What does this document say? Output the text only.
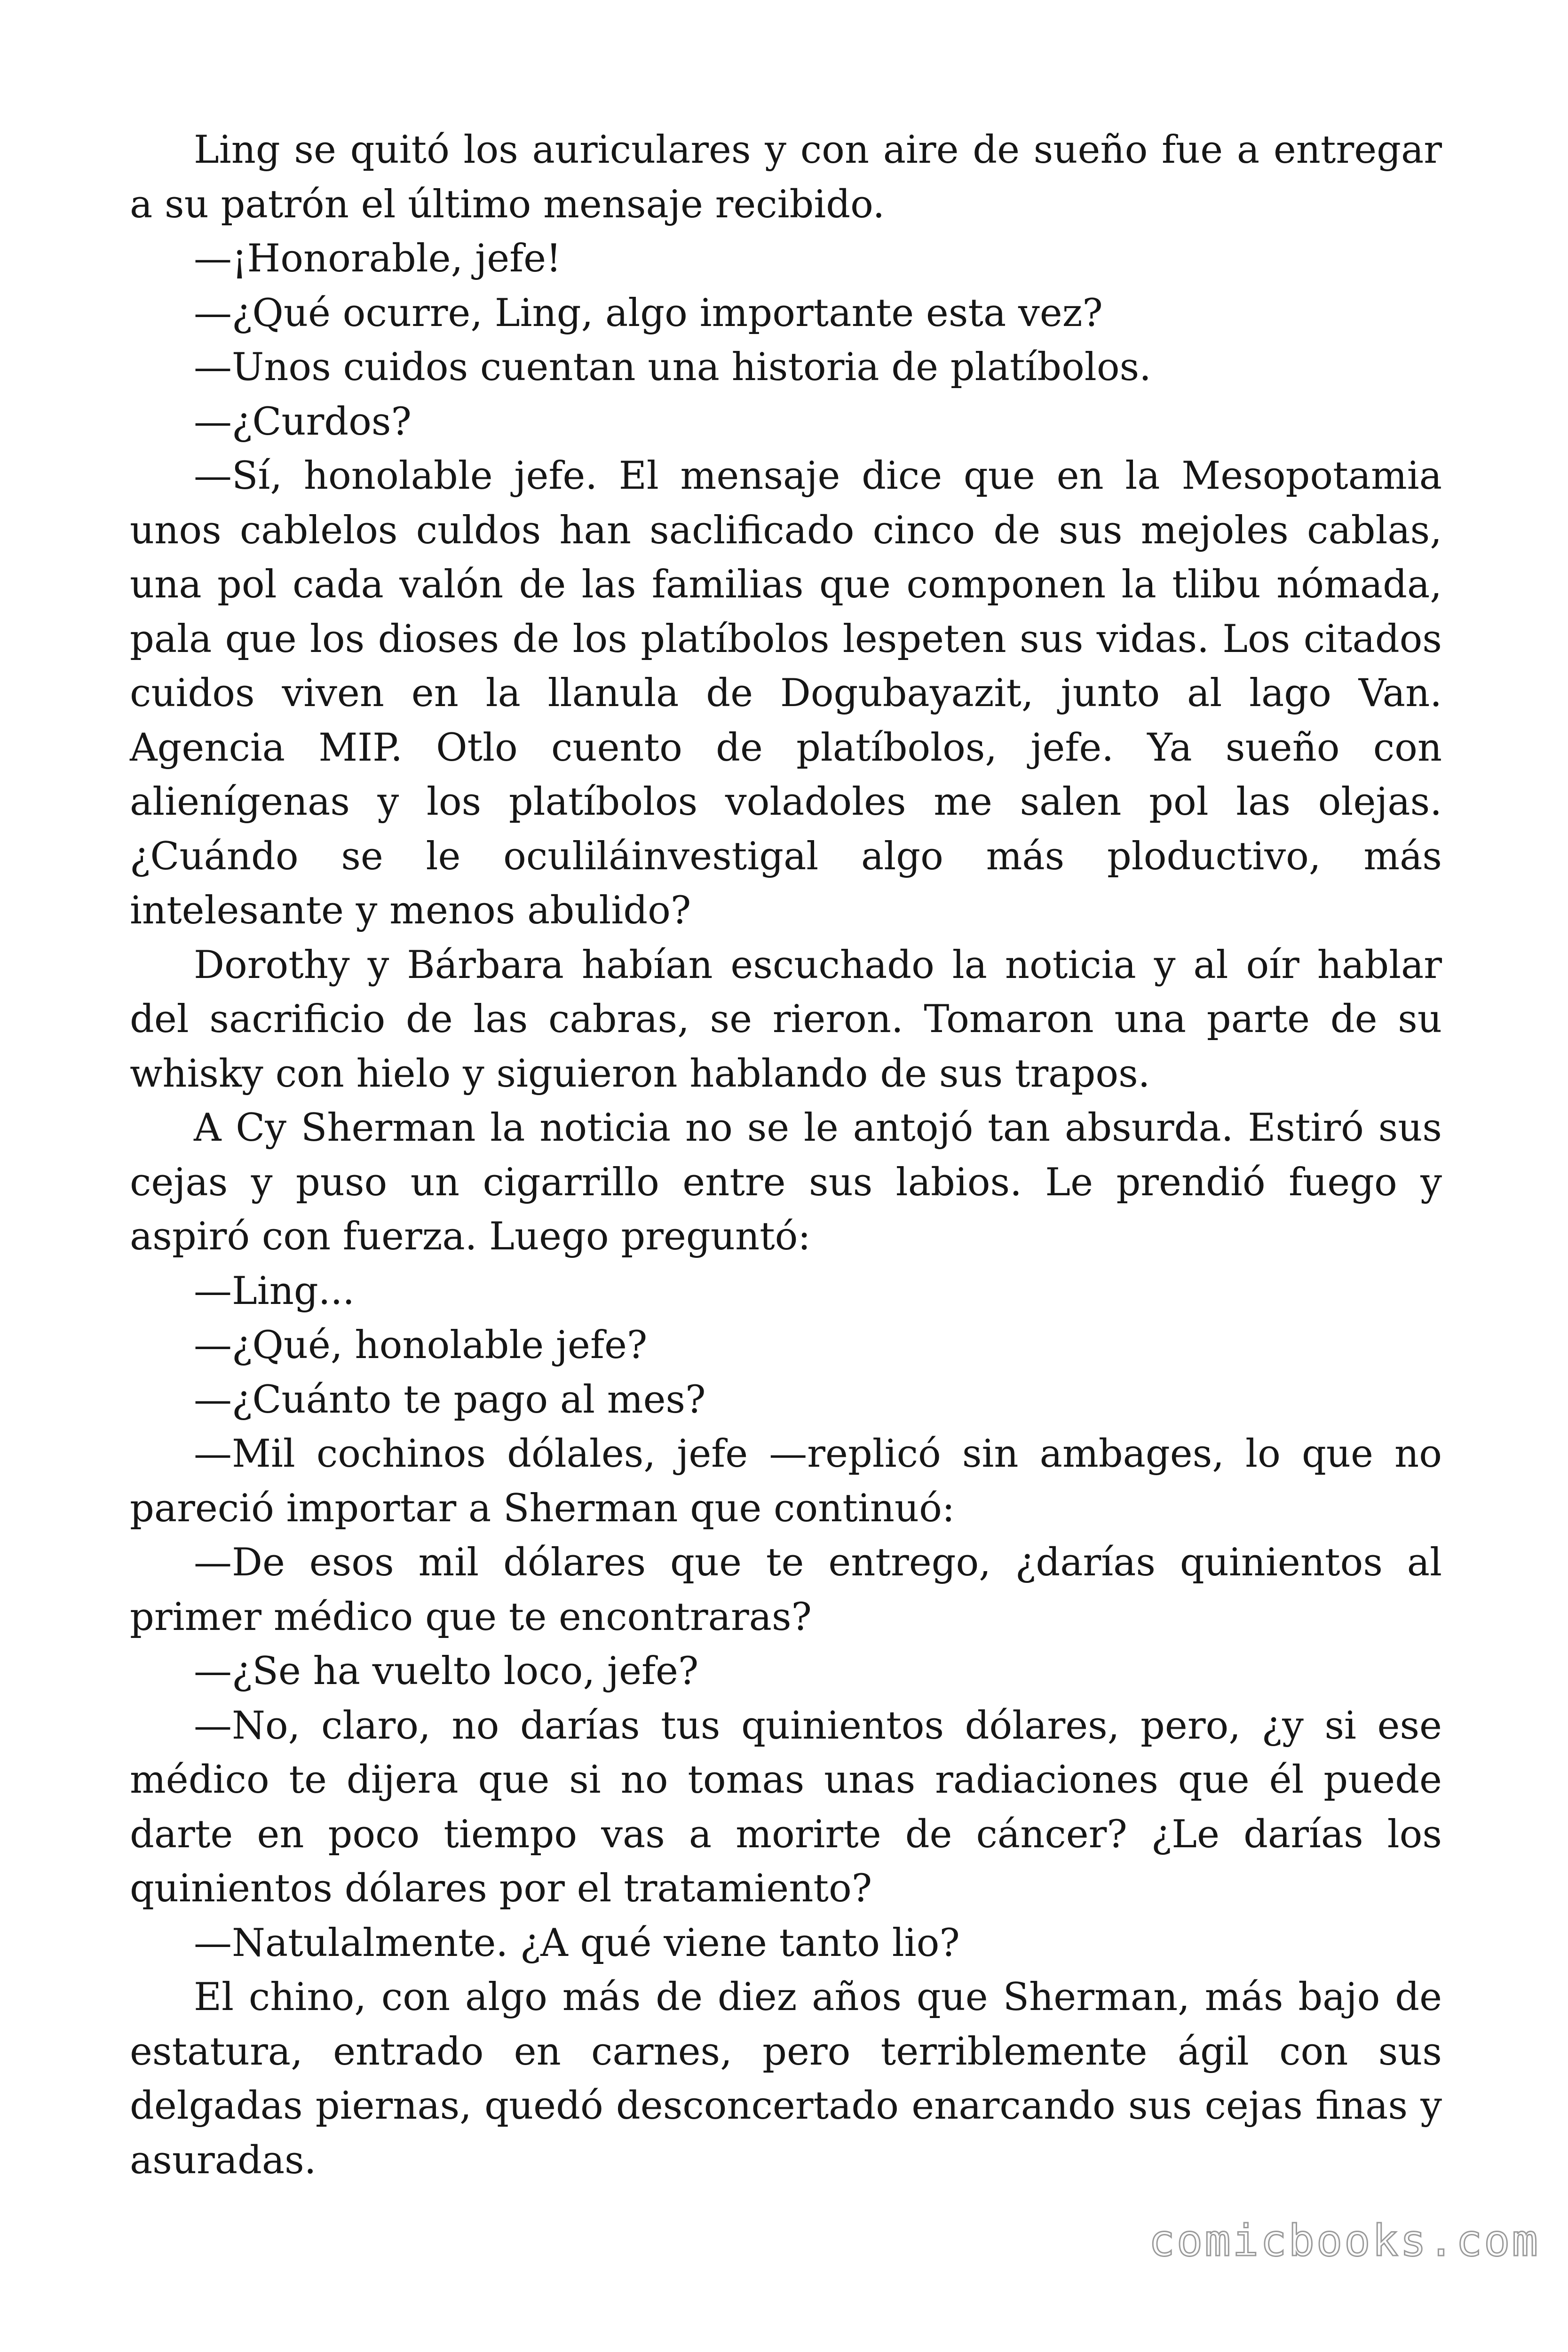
Ling se quitó los auriculares y con aire de sueño fue a entregar a su patrón el último mensaje recibido.

—¡Honorable, jefe!

—¿Qué ocurre, Ling, algo importante esta vez?

—Unos cuidos cuentan una historia de platíbolos.

—¿Curdos?

—Sí, honolable jefe. El mensaje dice que en la Mesopotamia unos cablelos culdos han saclificado cinco de sus mejoles cablas, una pol cada valón de las familias que componen la tlibu nómada, pala que los dioses de los platíbolos lespeten sus vidas. Los citados cuidos viven en la llanula de Dogubayazit, junto al lago Van. Agencia MIP. Otlo cuento de platíbolos, jefe. Ya sueño con alienígenas y los platíbolos voladoles me salen pol las olejas. ¿Cuándo se le oculiláinvestigal algo más ploductivo, más intelesante y menos abulido?

Dorothy y Bárbara habían escuchado la noticia y al oír hablar del sacrificio de las cabras, se rieron. Tomaron una parte de su whisky con hielo y siguieron hablando de sus trapos.

A Cy Sherman la noticia no se le antojó tan absurda. Estiró sus cejas y puso un cigarrillo entre sus labios. Le prendió fuego y aspiró con fuerza. Luego preguntó:

—Ling...

—¿Qué, honolable jefe?

—¿Cuánto te pago al mes?

—Mil cochinos dólales, jefe —replicó sin ambages, lo que no pareció importar a Sherman que continuó:

—De esos mil dólares que te entrego, ¿darías quinientos al primer médico que te encontraras?

—¿Se ha vuelto loco, jefe?

—No, claro, no darías tus quinientos dólares, pero, ¿y si ese médico te dijera que si no tomas unas radiaciones que él puede darte en poco tiempo vas a morirte de cáncer? ¿Le darías los quinientos dólares por el tratamiento?

—Natulalmente. ¿A qué viene tanto lio?

El chino, con algo más de diez años que Sherman, más bajo de estatura, entrado en carnes, pero terriblemente ágil con sus delgadas piernas, quedó desconcertado enarcando sus cejas finas y asuradas.

comicbooks.com
